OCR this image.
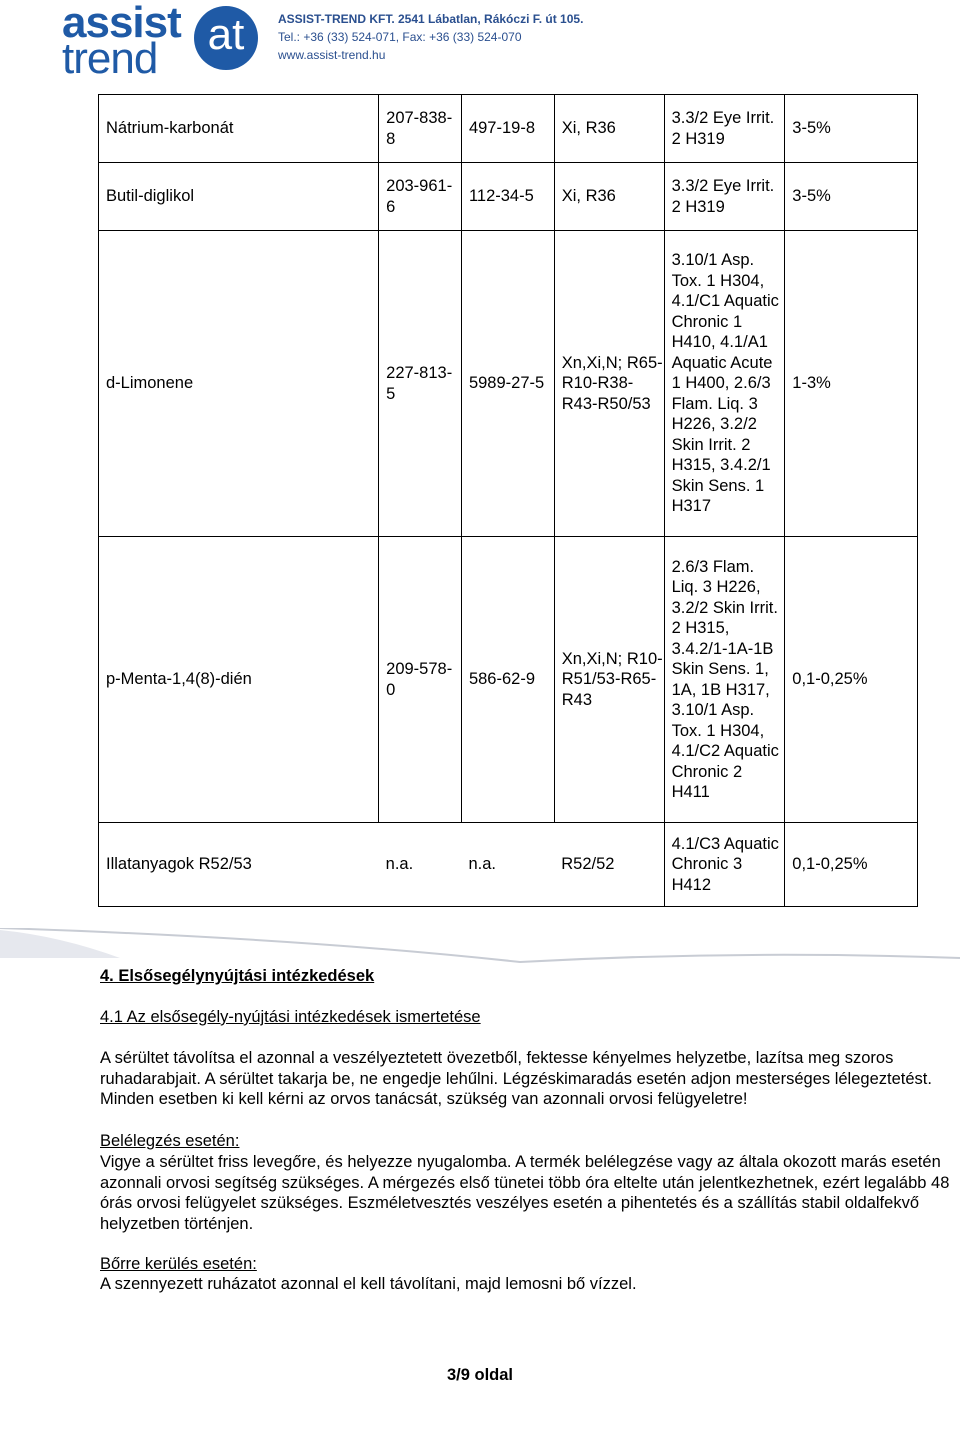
assist
trend	at	ASSIST-TREND KFT. 2541 Lábatlan, Rákóczi F. út 105.
Tel.: +36 (33) 524-071, Fax: +36 (33) 524-070
www.assist-trend.hu
Nátrium-karbonát	207-838-8	497-19-8	Xi, R36	3.3/2 Eye Irrit. 2 H319	3-5%
Butil-diglikol	203-961-6	112-34-5	Xi, R36	3.3/2 Eye Irrit. 2 H319	3-5%
d-Limonene	227-813-5	5989-27-5	Xn,Xi,N; R65-R10-R38-R43-R50/53	3.10/1 Asp. Tox. 1 H304, 4.1/C1 Aquatic Chronic 1 H410, 4.1/A1 Aquatic Acute 1 H400, 2.6/3 Flam. Liq. 3 H226, 3.2/2 Skin Irrit. 2 H315, 3.4.2/1 Skin Sens. 1 H317	1-3%
p-Menta-1,4(8)-dién	209-578-0	586-62-9	Xn,Xi,N; R10-R51/53-R65-R43	2.6/3 Flam. Liq. 3 H226, 3.2/2 Skin Irrit. 2 H315, 3.4.2/1-1A-1B Skin Sens. 1, 1A, 1B H317, 3.10/1 Asp. Tox. 1 H304, 4.1/C2 Aquatic Chronic 2 H411	0,1-0,25%
Illatanyagok R52/53	n.a.	n.a.	R52/52	4.1/C3 Aquatic Chronic 3 H412	0,1-0,25%
4. Elsősegélynyújtási intézkedések
4.1 Az elsősegély-nyújtási intézkedések ismertetése
A sérültet távolítsa el azonnal a veszélyeztetett övezetből, fektesse kényelmes helyzetbe, lazítsa meg szoros ruhadarabjait. A sérültet takarja be, ne engedje lehűlni. Légzéskimaradás esetén adjon mesterséges lélegeztetést. Minden esetben ki kell kérni az orvos tanácsát, szükség van azonnali orvosi felügyeletre!
Belélegzés esetén:
Vigye a sérültet friss levegőre, és helyezze nyugalomba. A termék belélegzése vagy az általa okozott marás esetén azonnali orvosi segítség szükséges. A mérgezés első tünetei több óra eltelte után jelentkezhetnek, ezért legalább 48 órás orvosi felügyelet szükséges. Eszméletvesztés veszélyes esetén a pihentetés és a szállítás stabil oldalfekvő helyzetben történjen.
Bőrre kerülés esetén:
A szennyezett ruházatot azonnal el kell távolítani, majd lemosni bő vízzel.
3/9 oldal
